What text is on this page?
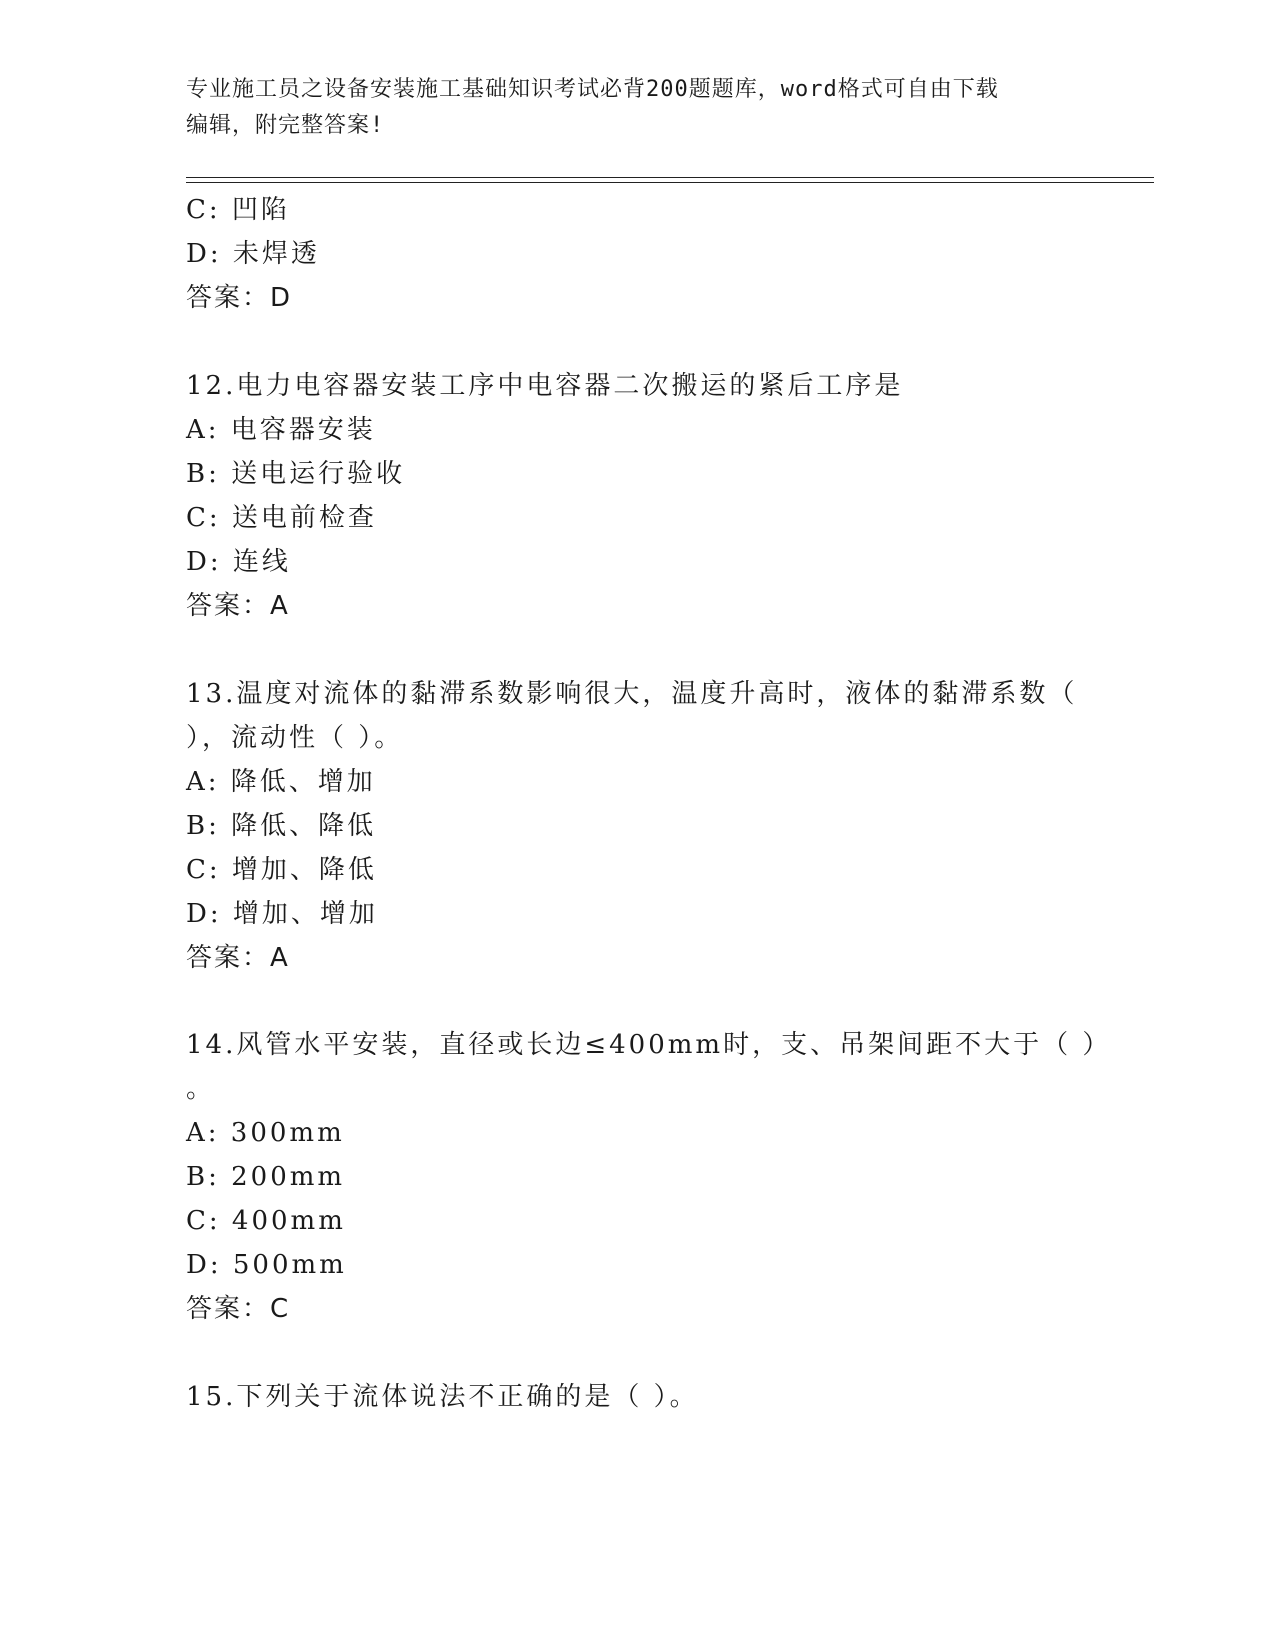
专业施工员之设备安装施工基础知识考试必背200题题库，word格式可自由下载
编辑，附完整答案!
C: 凹陷
D: 未焊透
答案：D
12.电力电容器安装工序中电容器二次搬运的紧后工序是
A: 电容器安装
B: 送电运行验收
C: 送电前检查
D: 连线
答案：A
13.温度对流体的黏滞系数影响很大，温度升高时，液体的黏滞系数（
），流动性（ ）。
A: 降低、增加
B: 降低、降低
C: 增加、降低
D: 增加、增加
答案：A
14.风管水平安装，直径或长边≤400mm时，支、吊架间距不大于（ ）
。
A: 300mm
B: 200mm
C: 400mm
D: 500mm
答案：C
15.下列关于流体说法不正确的是（ ）。
